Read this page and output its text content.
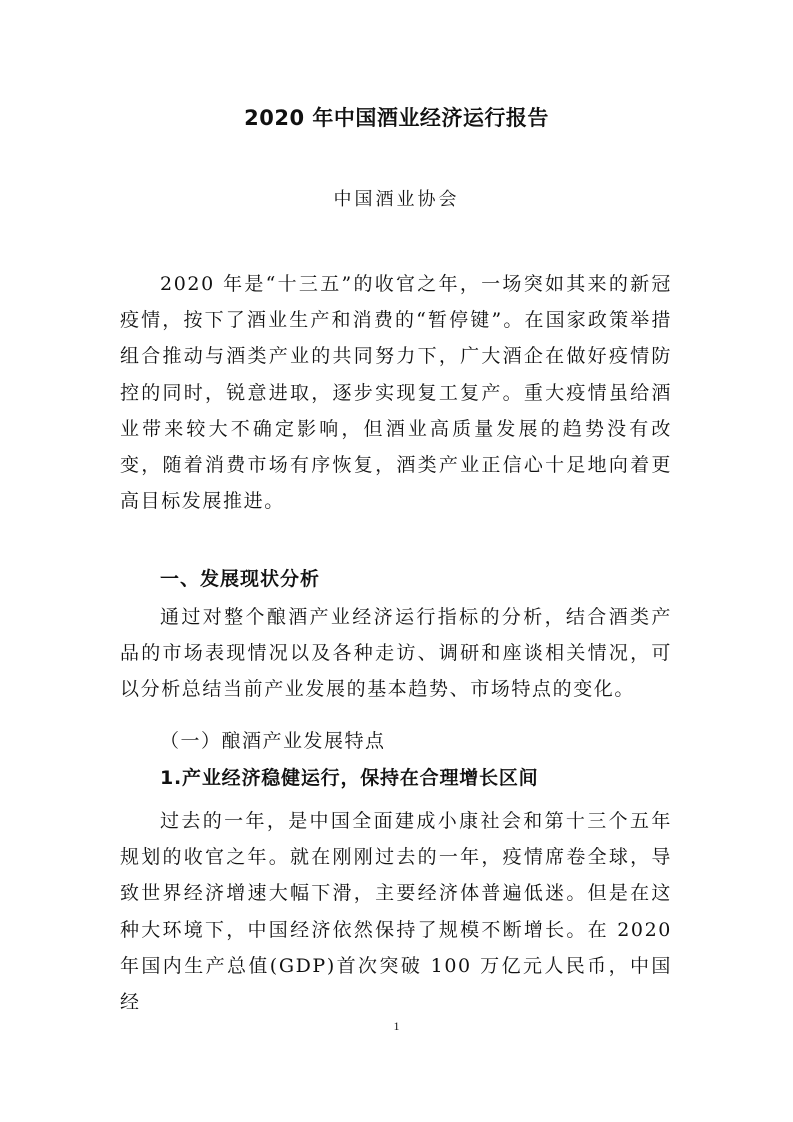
2020 年中国酒业经济运行报告
中国酒业协会
2020 年是“十三五”的收官之年，一场突如其来的新冠疫情，按下了酒业生产和消费的“暂停键”。在国家政策举措组合推动与酒类产业的共同努力下，广大酒企在做好疫情防控的同时，锐意进取，逐步实现复工复产。重大疫情虽给酒业带来较大不确定影响，但酒业高质量发展的趋势没有改变，随着消费市场有序恢复，酒类产业正信心十足地向着更高目标发展推进。
一、发展现状分析
通过对整个酿酒产业经济运行指标的分析，结合酒类产品的市场表现情况以及各种走访、调研和座谈相关情况，可以分析总结当前产业发展的基本趋势、市场特点的变化。
（一）酿酒产业发展特点
1.产业经济稳健运行，保持在合理增长区间
过去的一年，是中国全面建成小康社会和第十三个五年规划的收官之年。就在刚刚过去的一年，疫情席卷全球，导致世界经济增速大幅下滑，主要经济体普遍低迷。但是在这种大环境下，中国经济依然保持了规模不断增长。在 2020 年国内生产总值(GDP)首次突破 100 万亿元人民币，中国经
1
